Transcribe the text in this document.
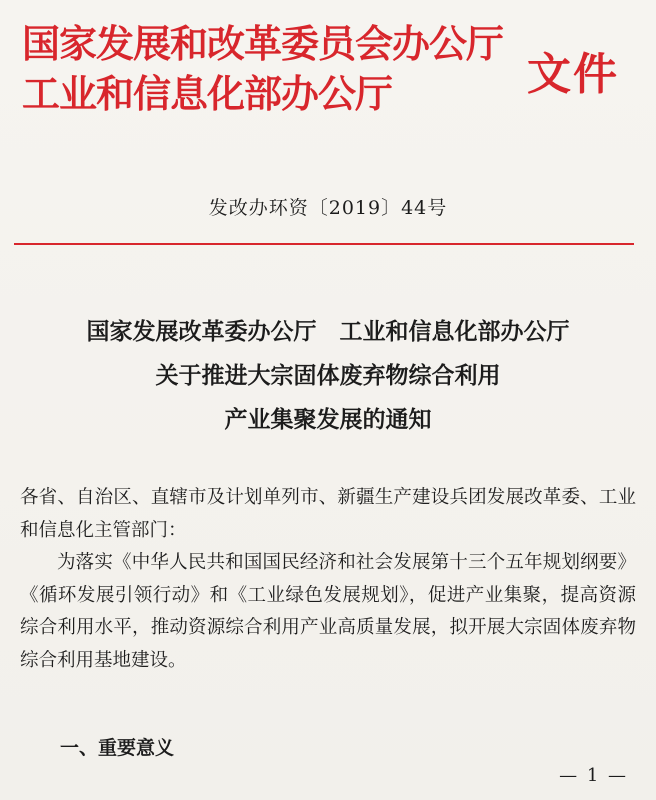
国家发展和改革委员会办公厅
工业和信息化部办公厅	文件
发改办环资〔2019〕44号
国家发展改革委办公厅　工业和信息化部办公厅
关于推进大宗固体废弃物综合利用
产业集聚发展的通知

各省、自治区、直辖市及计划单列市、新疆生产建设兵团发展改革委、工业和信息化主管部门：

为落实《中华人民共和国国民经济和社会发展第十三个五年规划纲要》《循环发展引领行动》和《工业绿色发展规划》，促进产业集聚，提高资源综合利用水平，推动资源综合利用产业高质量发展，拟开展大宗固体废弃物综合利用基地建设。

一、重要意义
— 1 —
